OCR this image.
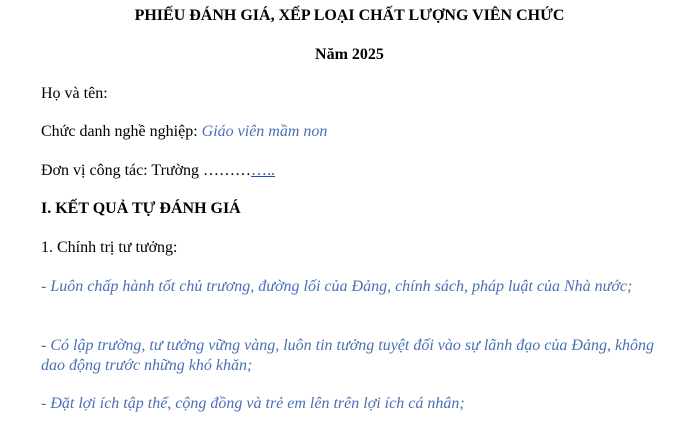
PHIẾU ĐÁNH GIÁ, XẾP LOẠI CHẤT LƯỢNG VIÊN CHỨC
Năm 2025
Họ và tên:
Chức danh nghề nghiệp: Giáo viên mầm non
Đơn vị công tác: Trường …………..
I. KẾT QUẢ TỰ ĐÁNH GIÁ
1. Chính trị tư tưởng:
- Luôn chấp hành tốt chủ trương, đường lối của Đảng, chính sách, pháp luật của Nhà nước;
- Có lập trường, tư tưởng vững vàng, luôn tin tưởng tuyệt đối vào sự lãnh đạo của Đảng, không dao động trước những khó khăn;
- Đặt lợi ích tập thể, cộng đồng và trẻ em lên trên lợi ích cá nhân;
